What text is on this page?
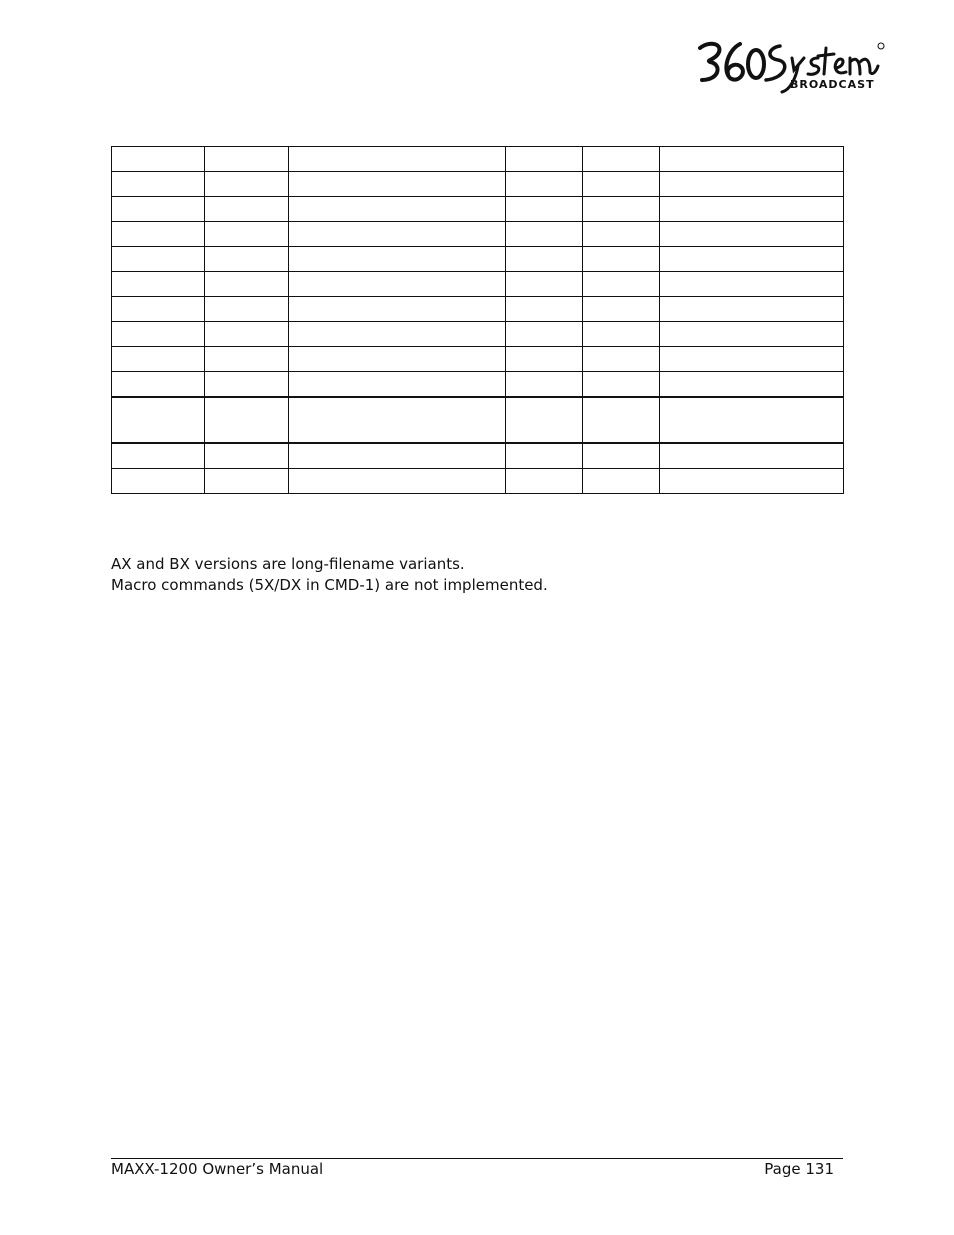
BROADCAST

AX and BX versions are long-filename variants.

Macro commands (5X/DX in CMD-1) are not implemented.

MAXX-1200 Owner’s Manual	Page 131
